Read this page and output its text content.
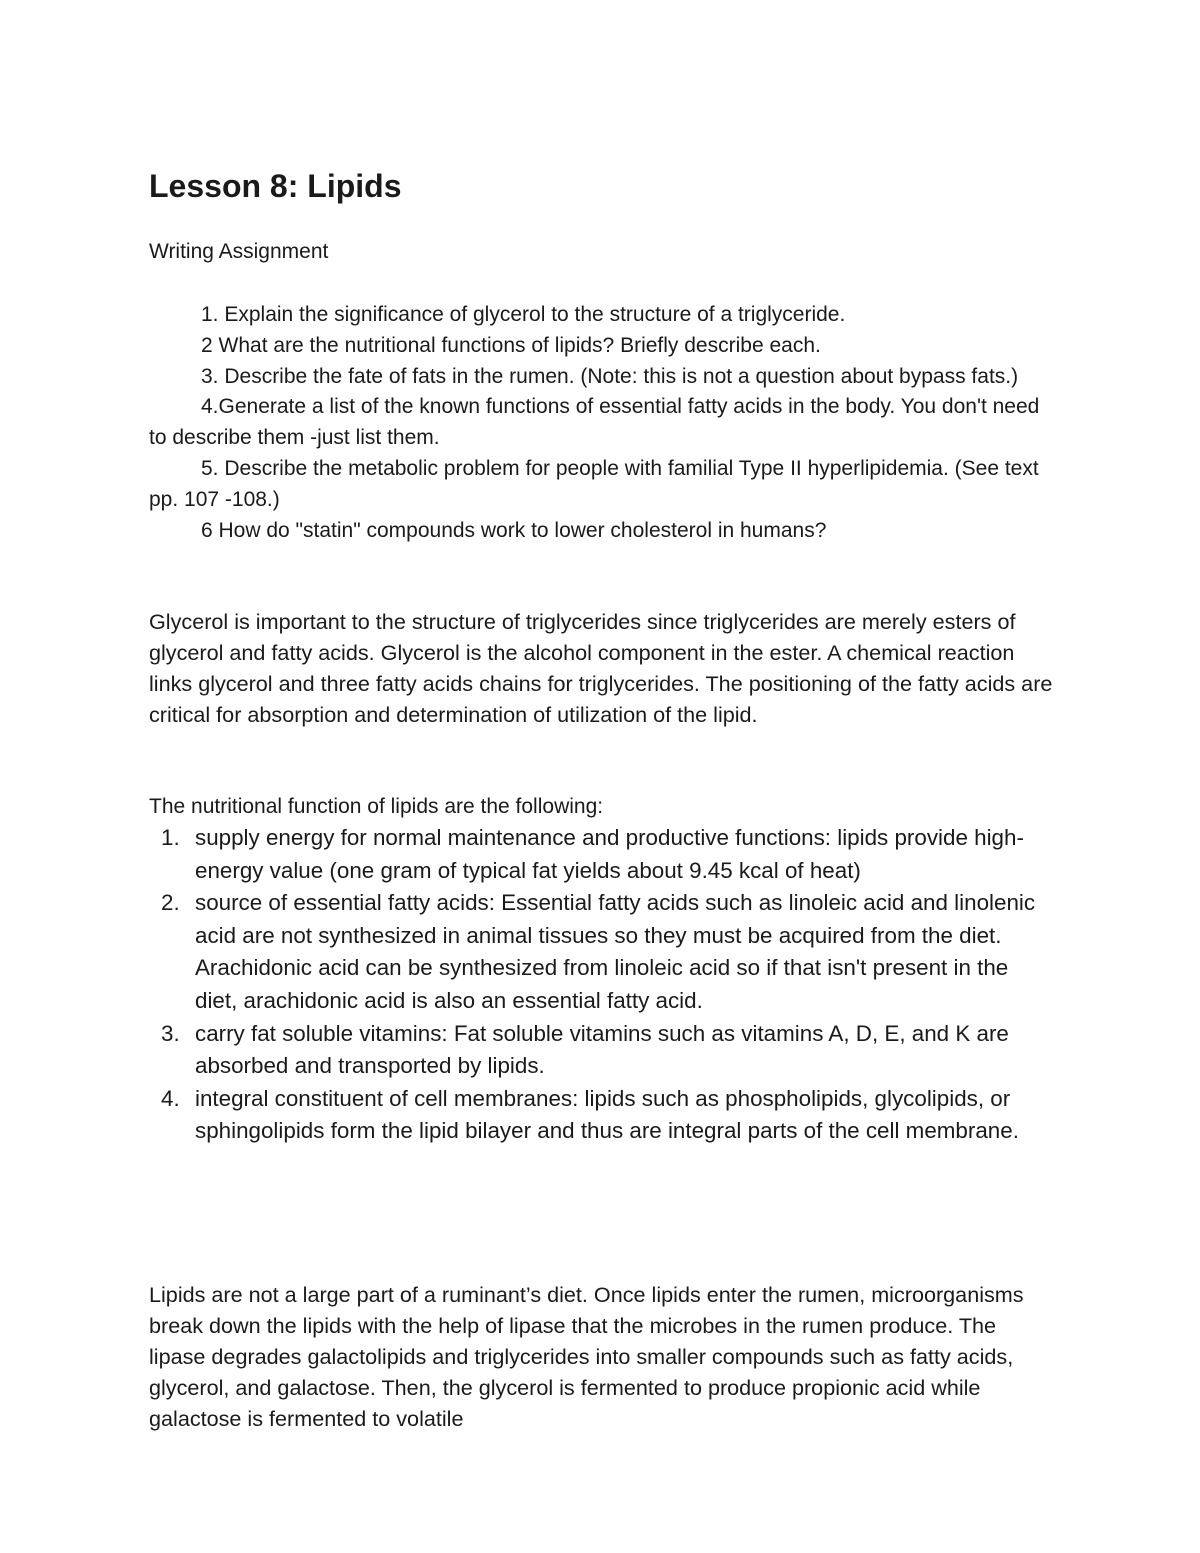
Lesson 8: Lipids
Writing Assignment

1. Explain the significance of glycerol to the structure of a triglyceride.

2 What are the nutritional functions of lipids? Briefly describe each.

3. Describe the fate of fats in the rumen. (Note: this is not a question about bypass fats.)

4.Generate a list of the known functions of essential fatty acids in the body. You don't need to describe them -just list them.

5. Describe the metabolic problem for people with familial Type II hyperlipidemia. (See text pp. 107 -108.)

6 How do "statin" compounds work to lower cholesterol in humans?

Glycerol is important to the structure of triglycerides since triglycerides are merely esters of glycerol and fatty acids. Glycerol is the alcohol component in the ester. A chemical reaction links glycerol and three fatty acids chains for triglycerides. The positioning of the fatty acids are critical for absorption and determination of utilization of the lipid.

The nutritional function of lipids are the following:
1. supply energy for normal maintenance and productive functions: lipids provide high-energy value (one gram of typical fat yields about 9.45 kcal of heat)
2. source of essential fatty acids: Essential fatty acids such as linoleic acid and linolenic acid are not synthesized in animal tissues so they must be acquired from the diet. Arachidonic acid can be synthesized from linoleic acid so if that isn't present in the diet, arachidonic acid is also an essential fatty acid.
3. carry fat soluble vitamins: Fat soluble vitamins such as vitamins A, D, E, and K are absorbed and transported by lipids.
4. integral constituent of cell membranes: lipids such as phospholipids, glycolipids, or sphingolipids form the lipid bilayer and thus are integral parts of the cell membrane.

Lipids are not a large part of a ruminant’s diet. Once lipids enter the rumen, microorganisms break down the lipids with the help of lipase that the microbes in the rumen produce. The lipase degrades galactolipids and triglycerides into smaller compounds such as fatty acids, glycerol, and galactose. Then, the glycerol is fermented to produce propionic acid while galactose is fermented to volatile
